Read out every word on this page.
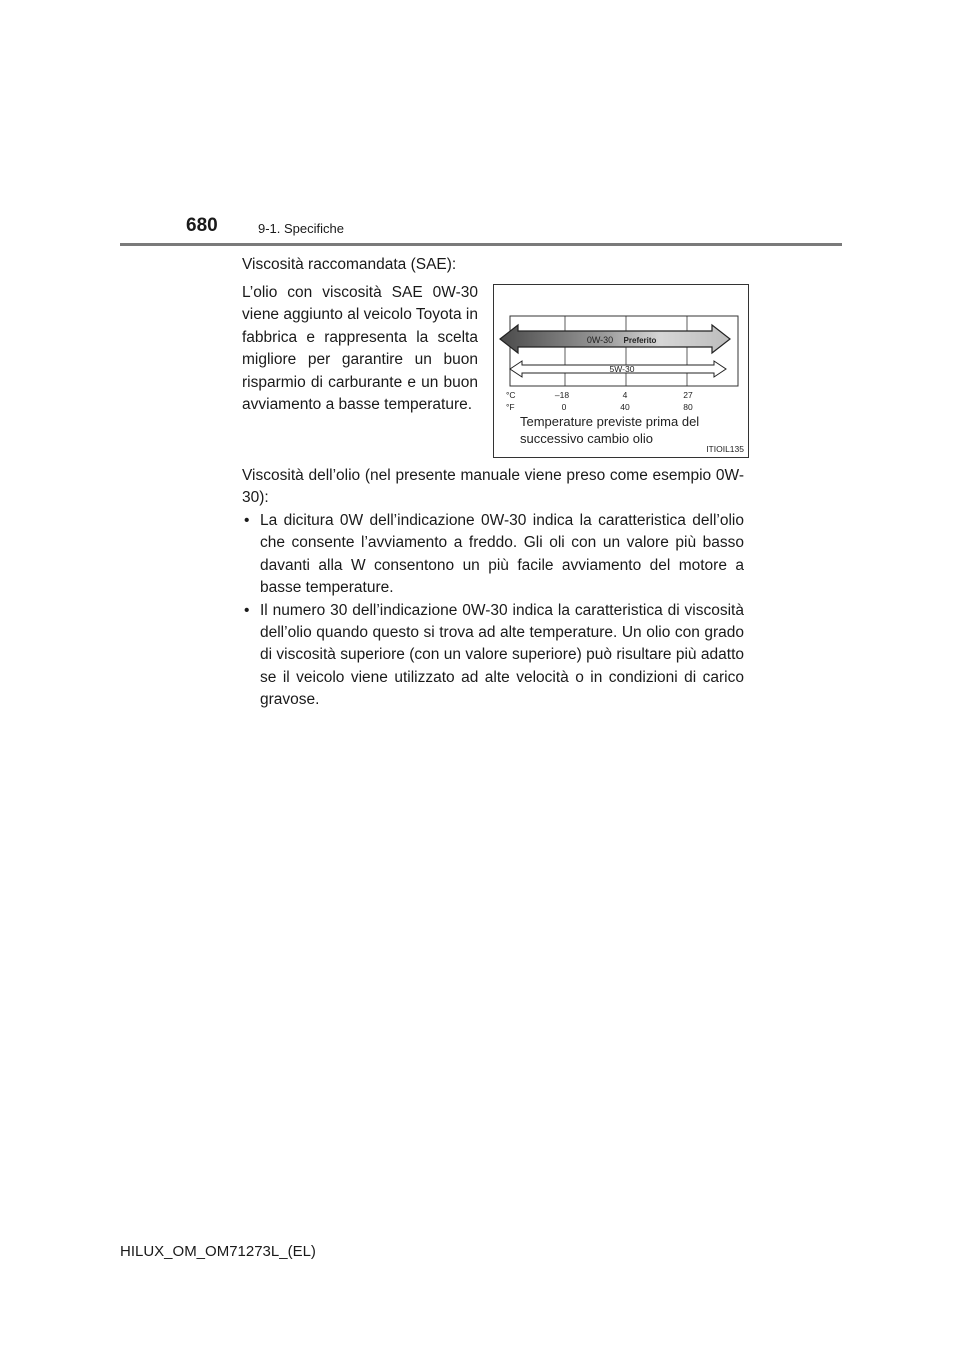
680	9-1. Specifiche
Viscosità raccomandata (SAE):
L’olio con viscosità SAE 0W-30 viene aggiunto al veicolo Toyota in fabbrica e rappresenta la scelta migliore per garantire un buon risparmio di carburante e un buon avviamento a basse temperature.
0W-30 Preferito
5W-30
°C
°F
–18	4	27
0	40	80
Temperature previste prima del successivo cambio olio
ITIOIL135
Viscosità dell’olio (nel presente manuale viene preso come esempio 0W-30):
• La dicitura 0W dell’indicazione 0W-30 indica la caratteristica dell’olio che consente l’avviamento a freddo. Gli oli con un valore più basso davanti alla W consentono un più facile avviamento del motore a basse temperature.
• Il numero 30 dell’indicazione 0W-30 indica la caratteristica di viscosità dell’olio quando questo si trova ad alte temperature. Un olio con grado di viscosità superiore (con un valore superiore) può risultare più adatto se il veicolo viene utilizzato ad alte velocità o in condizioni di carico gravose.
HILUX_OM_OM71273L_(EL)
